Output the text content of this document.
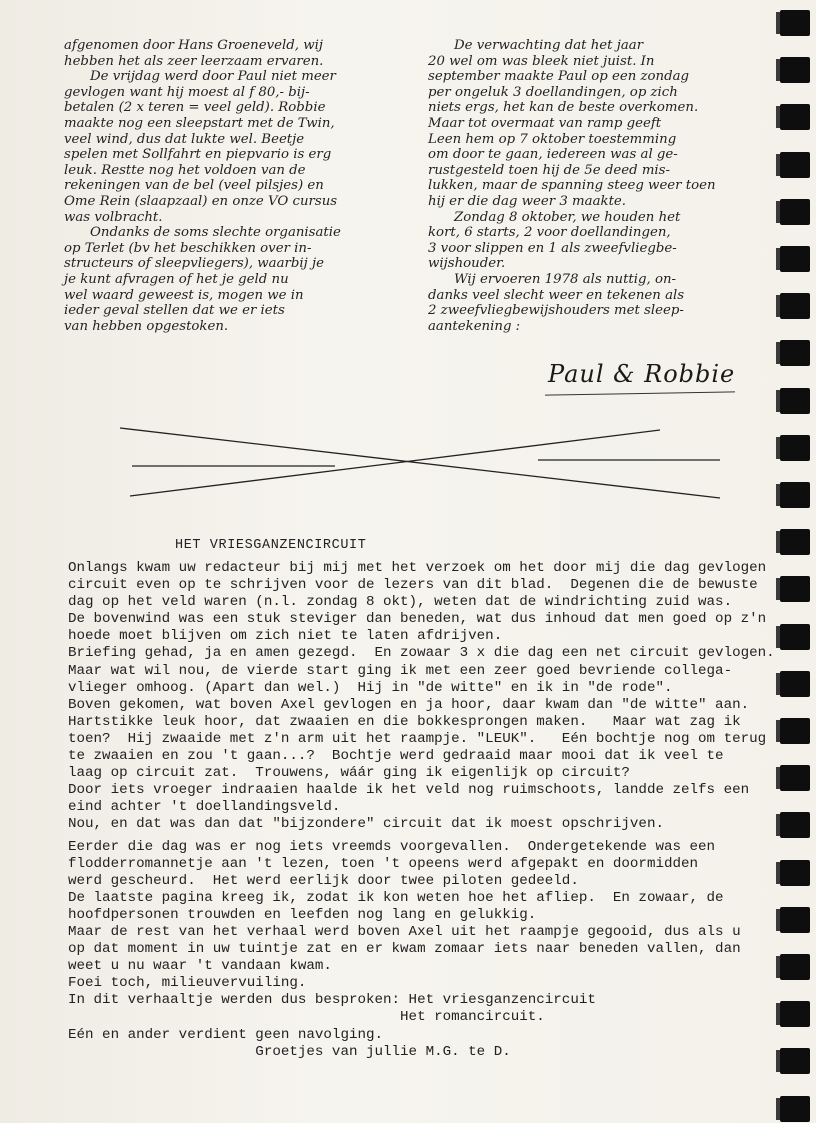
afgenomen door Hans Groeneveld, wij
hebben het als zeer leerzaam ervaren.
De vrijdag werd door Paul niet meer
gevlogen want hij moest al f 80,- bij-
betalen (2 x teren = veel geld). Robbie
maakte nog een sleepstart met de Twin,
veel wind, dus dat lukte wel. Beetje
spelen met Sollfahrt en piepvario is erg
leuk. Restte nog het voldoen van de
rekeningen van de bel (veel pilsjes) en
Ome Rein (slaapzaal) en onze VO cursus
was volbracht.
Ondanks de soms slechte organisatie
op Terlet (bv het beschikken over in-
structeurs of sleepvliegers), waarbij je
je kunt afvragen of het je geld nu
wel waard geweest is, mogen we in
ieder geval stellen dat we er iets
van hebben opgestoken.
De verwachting dat het jaar
20 wel om was bleek niet juist. In
september maakte Paul op een zondag
per ongeluk 3 doellandingen, op zich
niets ergs, het kan de beste overkomen.
Maar tot overmaat van ramp geeft
Leen hem op 7 oktober toestemming
om door te gaan, iedereen was al ge-
rustgesteld toen hij de 5e deed mis-
lukken, maar de spanning steeg weer toen
hij er die dag weer 3 maakte.
Zondag 8 oktober, we houden het
kort, 6 starts, 2 voor doellandingen,
3 voor slippen en 1 als zweefvliegbe-
wijshouder.
Wij ervoeren 1978 als nuttig, on-
danks veel slecht weer en tekenen als
2 zweefvliegbewijshouders met sleep-
aantekening :
Paul & Robbie
HET VRIESGANZENCIRCUIT
Onlangs kwam uw redacteur bij mij met het verzoek om het door mij die dag gevlogen
circuit even op te schrijven voor de lezers van dit blad.  Degenen die de bewuste
dag op het veld waren (n.l. zondag 8 okt), weten dat de windrichting zuid was.
De bovenwind was een stuk steviger dan beneden, wat dus inhoud dat men goed op z'n
hoede moet blijven om zich niet te laten afdrijven.
Briefing gehad, ja en amen gezegd.  En zowaar 3 x die dag een net circuit gevlogen.
Maar wat wil nou, de vierde start ging ik met een zeer goed bevriende collega-
vlieger omhoog. (Apart dan wel.)  Hij in "de witte" en ik in "de rode".
Boven gekomen, wat boven Axel gevlogen en ja hoor, daar kwam dan "de witte" aan.
Hartstikke leuk hoor, dat zwaaien en die bokkesprongen maken.   Maar wat zag ik
toen?  Hij zwaaide met z'n arm uit het raampje. "LEUK".   Eén bochtje nog om terug
te zwaaien en zou 't gaan...?  Bochtje werd gedraaid maar mooi dat ik veel te
laag op circuit zat.  Trouwens, wáár ging ik eigenlijk op circuit?
Door iets vroeger indraaien haalde ik het veld nog ruimschoots, landde zelfs een
eind achter 't doellandingsveld.
Nou, en dat was dan dat "bijzondere" circuit dat ik moest opschrijven.
Eerder die dag was er nog iets vreemds voorgevallen.  Ondergetekende was een
flodderromannetje aan 't lezen, toen 't opeens werd afgepakt en doormidden
werd gescheurd.  Het werd eerlijk door twee piloten gedeeld.
De laatste pagina kreeg ik, zodat ik kon weten hoe het afliep.  En zowaar, de
hoofdpersonen trouwden en leefden nog lang en gelukkig.
Maar de rest van het verhaal werd boven Axel uit het raampje gegooid, dus als u
op dat moment in uw tuintje zat en er kwam zomaar iets naar beneden vallen, dan
weet u nu waar 't vandaan kwam.
Foei toch, milieuvervuiling.
In dit verhaaltje werden dus besproken: Het vriesganzencircuit
Het romancircuit.
Eén en ander verdient geen navolging.
Groetjes van jullie M.G. te D.
